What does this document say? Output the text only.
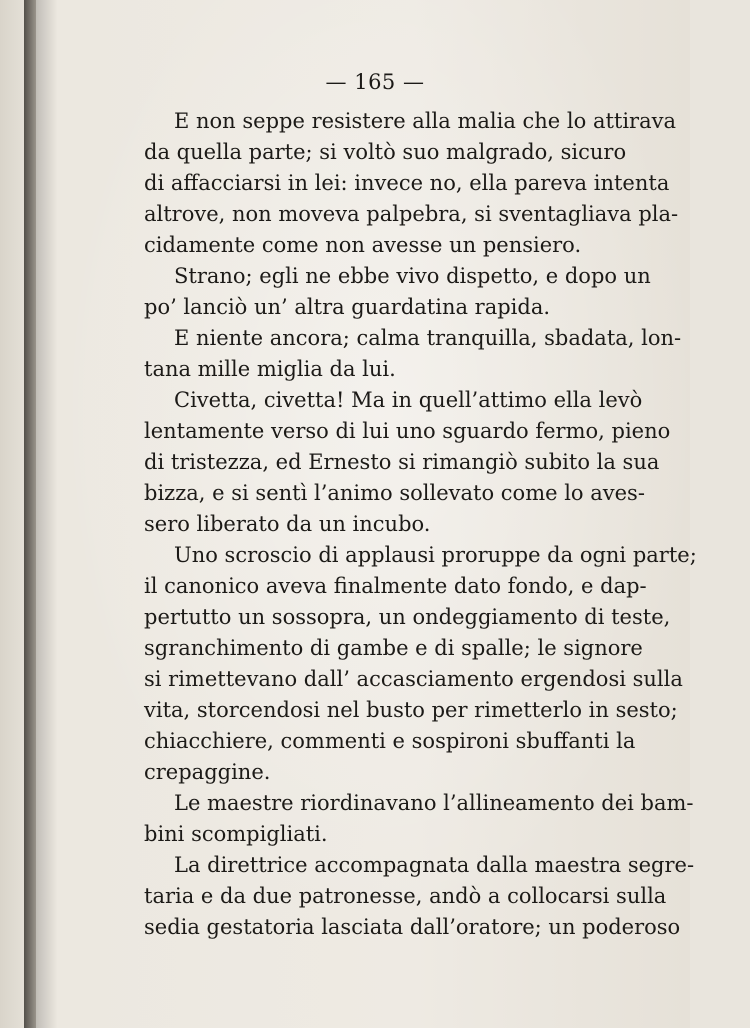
— 165 —
E non seppe resistere alla malia che lo attirava
da quella parte; si voltò suo malgrado, sicuro
di affacciarsi in lei: invece no, ella pareva intenta
altrove, non moveva palpebra, si sventagliava pla-
cidamente come non avesse un pensiero.
Strano; egli ne ebbe vivo dispetto, e dopo un
po’ lanciò un’ altra guardatina rapida.
E niente ancora; calma tranquilla, sbadata, lon-
tana mille miglia da lui.
Civetta, civetta! Ma in quell’attimo ella levò
lentamente verso di lui uno sguardo fermo, pieno
di tristezza, ed Ernesto si rimangiò subito la sua
bizza, e si sentì l’animo sollevato come lo aves-
sero liberato da un incubo.
Uno scroscio di applausi proruppe da ogni parte;
il canonico aveva finalmente dato fondo, e dap-
pertutto un sossopra, un ondeggiamento di teste,
sgranchimento di gambe e di spalle; le signore
si rimettevano dall’ accasciamento ergendosi sulla
vita, storcendosi nel busto per rimetterlo in sesto;
chiacchiere, commenti e sospironi sbuffanti la
crepaggine.
Le maestre riordinavano l’allineamento dei bam-
bini scompigliati.
La direttrice accompagnata dalla maestra segre-
taria e da due patronesse, andò a collocarsi sulla
sedia gestatoria lasciata dall’oratore; un poderoso
